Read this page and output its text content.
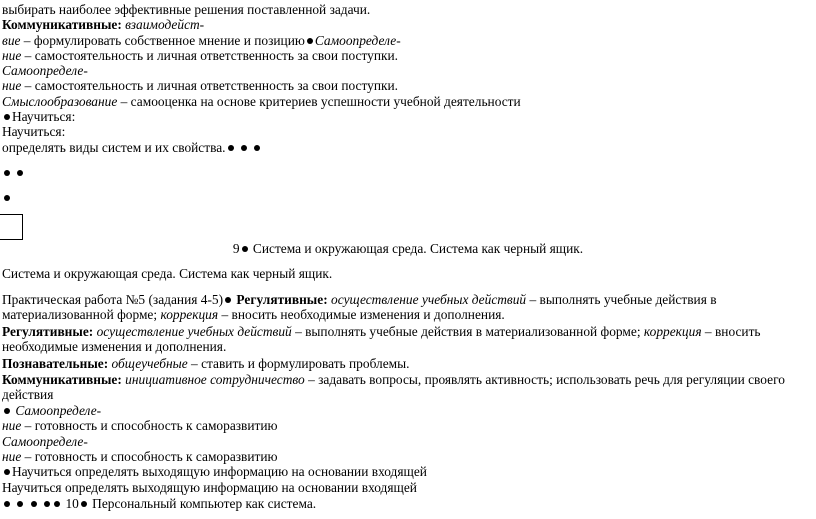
выбирать наиболее эффективные решения поставленной задачи.
Коммуникативные: взаимодейст-
вие – формулировать собственное мнение и позицию Самоопределе-
ние – самостоятельность и личная ответственность за свои поступки.
Самоопределе-
ние – самостоятельность и личная ответственность за свои поступки.
Смыслообразование – самооценка на основе критериев успешности учебной деятельности
Научиться:
Научиться:
определять виды систем и их свойства.

9 Система и окружающая среда. Система как черный ящик.
Система и окружающая среда. Система как черный ящик.
Практическая работа №5 (задания 4-5) Регулятивные: осуществление учебных действий – выполнять учебные действия в
материализованной форме; коррекция – вносить необходимые изменения и дополнения.
Регулятивные: осуществление учебных действий – выполнять учебные действия в материализованной форме; коррекция – вносить
необходимые изменения и дополнения.
Познавательные: общеучебные – ставить и формулировать проблемы.
Коммуникативные: инициативное сотрудничество – задавать вопросы, проявлять активность; использовать речь для регуляции своего
действия
Самоопределе-
ние – готовность и способность к саморазвитию
Самоопределе-
ние – готовность и способность к саморазвитию
Научиться определять выходящую информацию на основании входящей
Научиться определять выходящую информацию на основании входящей
10 Персональный компьютер как система.
